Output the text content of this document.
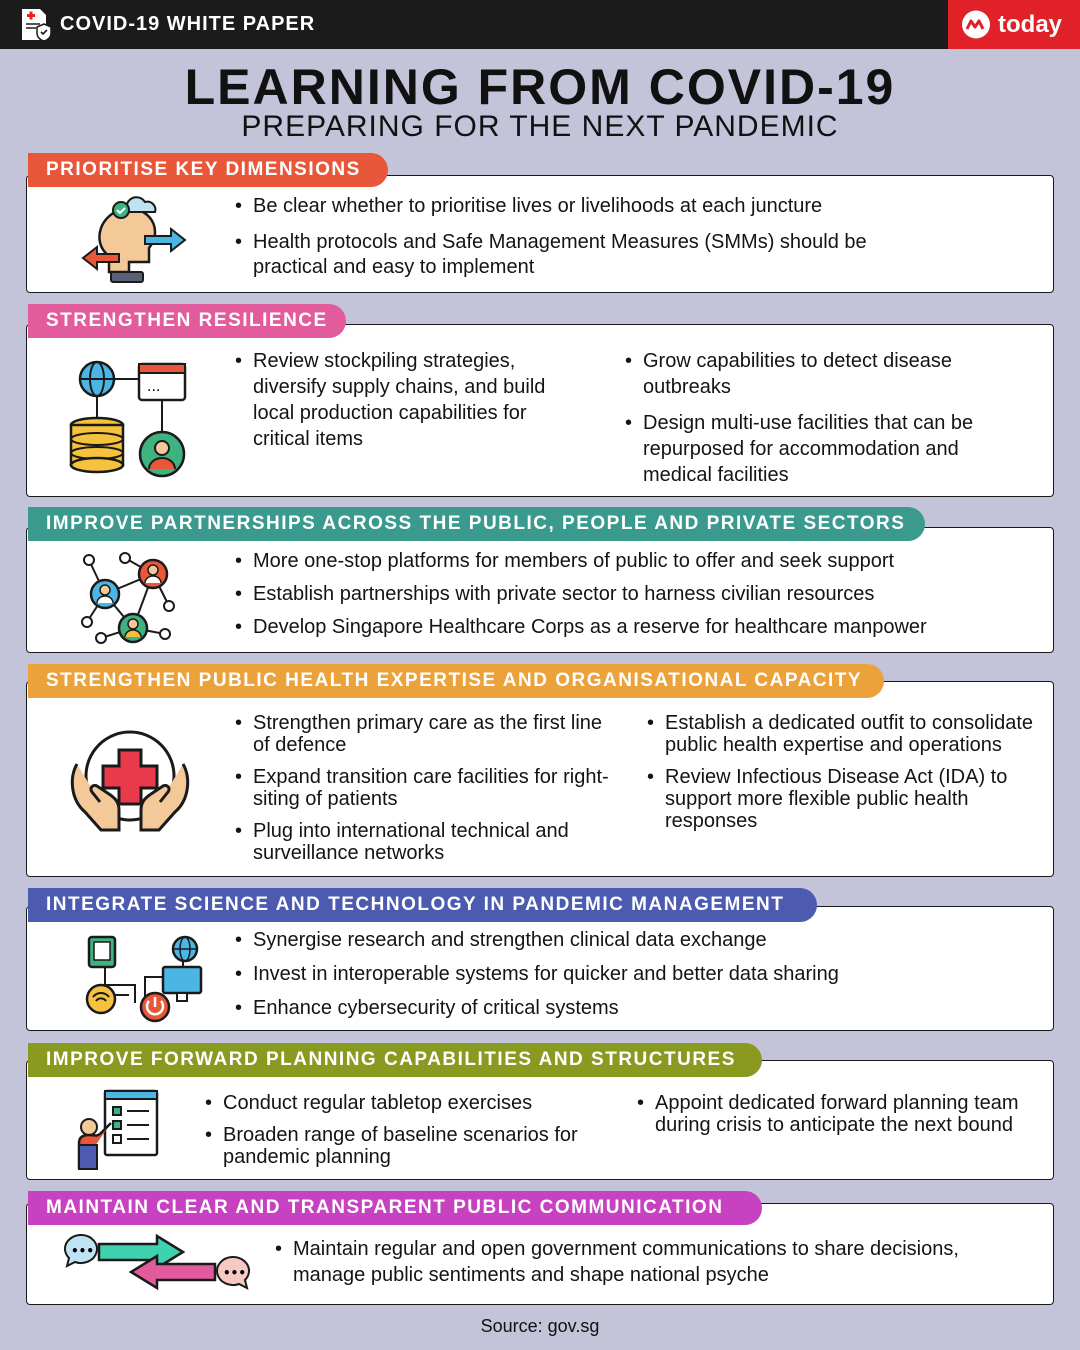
COVID-19 WHITE PAPER	today
LEARNING FROM COVID-19
PREPARING FOR THE NEXT PANDEMIC
• Be clear whether to prioritise lives or livelihoods at each juncture
• Health protocols and Safe Management Measures (SMMs) should be practical and easy to implement
PRIORITISE KEY DIMENSIONS
...
• Review stockpiling strategies, diversify supply chains, and build local production capabilities for critical items
• Grow capabilities to detect disease outbreaks
• Design multi-use facilities that can be repurposed for accommodation and medical facilities
STRENGTHEN RESILIENCE
• More one-stop platforms for members of public to offer and seek support
• Establish partnerships with private sector to harness civilian resources
• Develop Singapore Healthcare Corps as a reserve for healthcare manpower
IMPROVE PARTNERSHIPS ACROSS THE PUBLIC, PEOPLE AND PRIVATE SECTORS
• Strengthen primary care as the first line of defence
• Expand transition care facilities for right-siting of patients
• Plug into international technical and surveillance networks
• Establish a dedicated outfit to consolidate public health expertise and operations
• Review Infectious Disease Act (IDA) to support more flexible public health responses
STRENGTHEN PUBLIC HEALTH EXPERTISE AND ORGANISATIONAL CAPACITY
• Synergise research and strengthen clinical data exchange
• Invest in interoperable systems for quicker and better data sharing
• Enhance cybersecurity of critical systems
INTEGRATE SCIENCE AND TECHNOLOGY IN PANDEMIC MANAGEMENT
• Conduct regular tabletop exercises
• Broaden range of baseline scenarios for pandemic planning
• Appoint dedicated forward planning team during crisis to anticipate the next bound
IMPROVE FORWARD PLANNING CAPABILITIES AND STRUCTURES
•••
•••
• Maintain regular and open government communications to share decisions, manage public sentiments and shape national psyche
MAINTAIN CLEAR AND TRANSPARENT PUBLIC COMMUNICATION
Source: gov.sg
